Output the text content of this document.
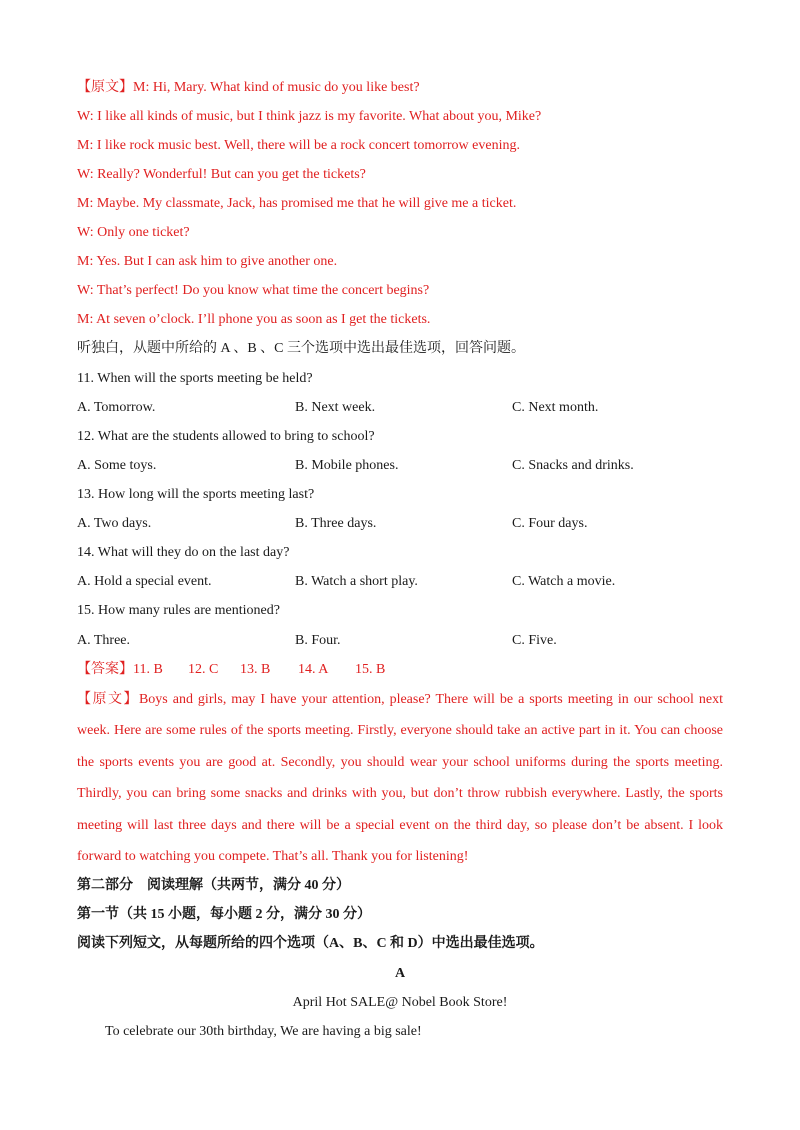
【原文】M: Hi, Mary. What kind of music do you like best?
W: I like all kinds of music, but I think jazz is my favorite. What about you, Mike?
M: I like rock music best. Well, there will be a rock concert tomorrow evening.
W: Really? Wonderful! But can you get the tickets?
M: Maybe. My classmate, Jack, has promised me that he will give me a ticket.
W: Only one ticket?
M: Yes. But I can ask him to give another one.
W: That’s perfect! Do you know what time the concert begins?
M: At seven o’clock. I’ll phone you as soon as I get the tickets.
听独白，从题中所给的 A 、B 、C 三个选项中选出最佳选项，回答问题。
11. When will the sports meeting be held?
A. Tomorrow.	B. Next week.	C. Next month.
12. What are the students allowed to bring to school?
A. Some toys.	B. Mobile phones.	C. Snacks and drinks.
13. How long will the sports meeting last?
A. Two days.	B. Three days.	C. Four days.
14. What will they do on the last day?
A. Hold a special event.	B. Watch a short play.	C. Watch a movie.
15. How many rules are mentioned?
A. Three.	B. Four.	C. Five.
【答案】11. B 12. C 13. B 14. A 15. B
【原文】Boys and girls, may I have your attention, please? There will be a sports meeting in our school next week. Here are some rules of the sports meeting. Firstly, everyone should take an active part in it. You can choose the sports events you are good at. Secondly, you should wear your school uniforms during the sports meeting. Thirdly, you can bring some snacks and drinks with you, but don’t throw rubbish everywhere. Lastly, the sports meeting will last three days and there will be a special event on the third day, so please don’t be absent. I look forward to watching you compete. That’s all. Thank you for listening!
第二部分　阅读理解（共两节，满分 40 分）
第一节（共 15 小题，每小题 2 分，满分 30 分）
阅读下列短文，从每题所给的四个选项（A、B、C 和 D）中选出最佳选项。
A
April Hot SALE@ Nobel Book Store!
To celebrate our 30th birthday, We are having a big sale!
